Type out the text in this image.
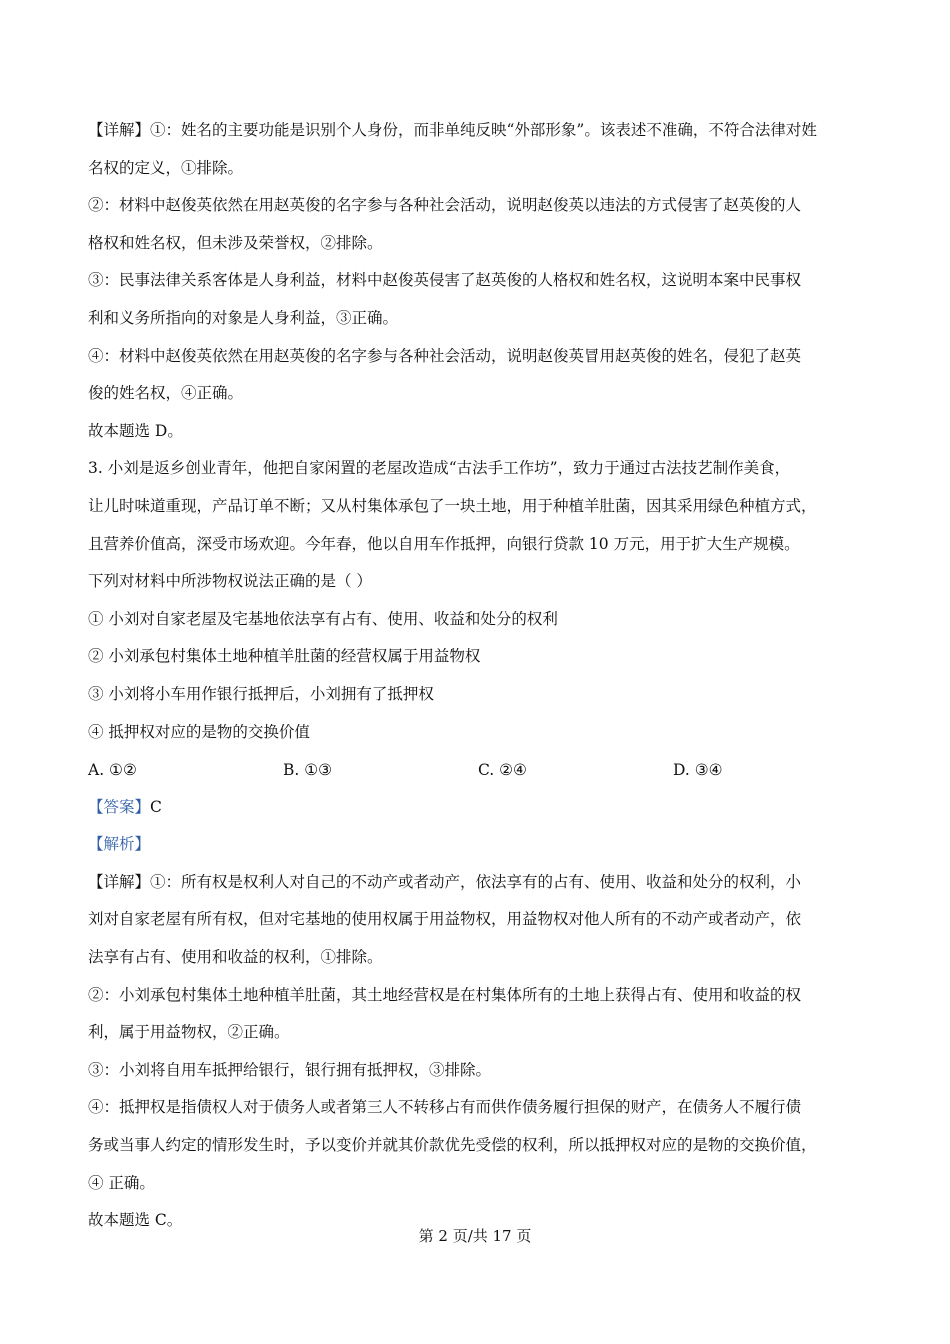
【详解】①：姓名的主要功能是识别个人身份，而非单纯反映“外部形象”。该表述不准确，不符合法律对姓

名权的定义，①排除。

②：材料中赵俊英依然在用赵英俊的名字参与各种社会活动，说明赵俊英以违法的方式侵害了赵英俊的人

格权和姓名权，但未涉及荣誉权，②排除。

③：民事法律关系客体是人身利益，材料中赵俊英侵害了赵英俊的人格权和姓名权，这说明本案中民事权

利和义务所指向的对象是人身利益，③正确。

④：材料中赵俊英依然在用赵英俊的名字参与各种社会活动，说明赵俊英冒用赵英俊的姓名，侵犯了赵英

俊的姓名权，④正确。

故本题选 D。

3. 小刘是返乡创业青年，他把自家闲置的老屋改造成“古法手工作坊”，致力于通过古法技艺制作美食，

让儿时味道重现，产品订单不断；又从村集体承包了一块土地，用于种植羊肚菌，因其采用绿色种植方式，

且营养价值高，深受市场欢迎。今年春，他以自用车作抵押，向银行贷款 10 万元，用于扩大生产规模。

下列对材料中所涉物权说法正确的是（ ）

① 小刘对自家老屋及宅基地依法享有占有、使用、收益和处分的权利

② 小刘承包村集体土地种植羊肚菌的经营权属于用益物权

③ 小刘将小车用作银行抵押后，小刘拥有了抵押权

④ 抵押权对应的是物的交换价值

A. ①②	B. ①③	C. ②④	D. ③④

【答案】C

【解析】

【详解】①：所有权是权利人对自己的不动产或者动产，依法享有的占有、使用、收益和处分的权利，小

刘对自家老屋有所有权，但对宅基地的使用权属于用益物权，用益物权对他人所有的不动产或者动产，依

法享有占有、使用和收益的权利，①排除。

②：小刘承包村集体土地种植羊肚菌，其土地经营权是在村集体所有的土地上获得占有、使用和收益的权

利，属于用益物权，②正确。

③：小刘将自用车抵押给银行，银行拥有抵押权，③排除。

④：抵押权是指债权人对于债务人或者第三人不转移占有而供作债务履行担保的财产，在债务人不履行债

务或当事人约定的情形发生时，予以变价并就其价款优先受偿的权利，所以抵押权对应的是物的交换价值，

④ 正确。

故本题选 C。

第 2 页/共 17 页
